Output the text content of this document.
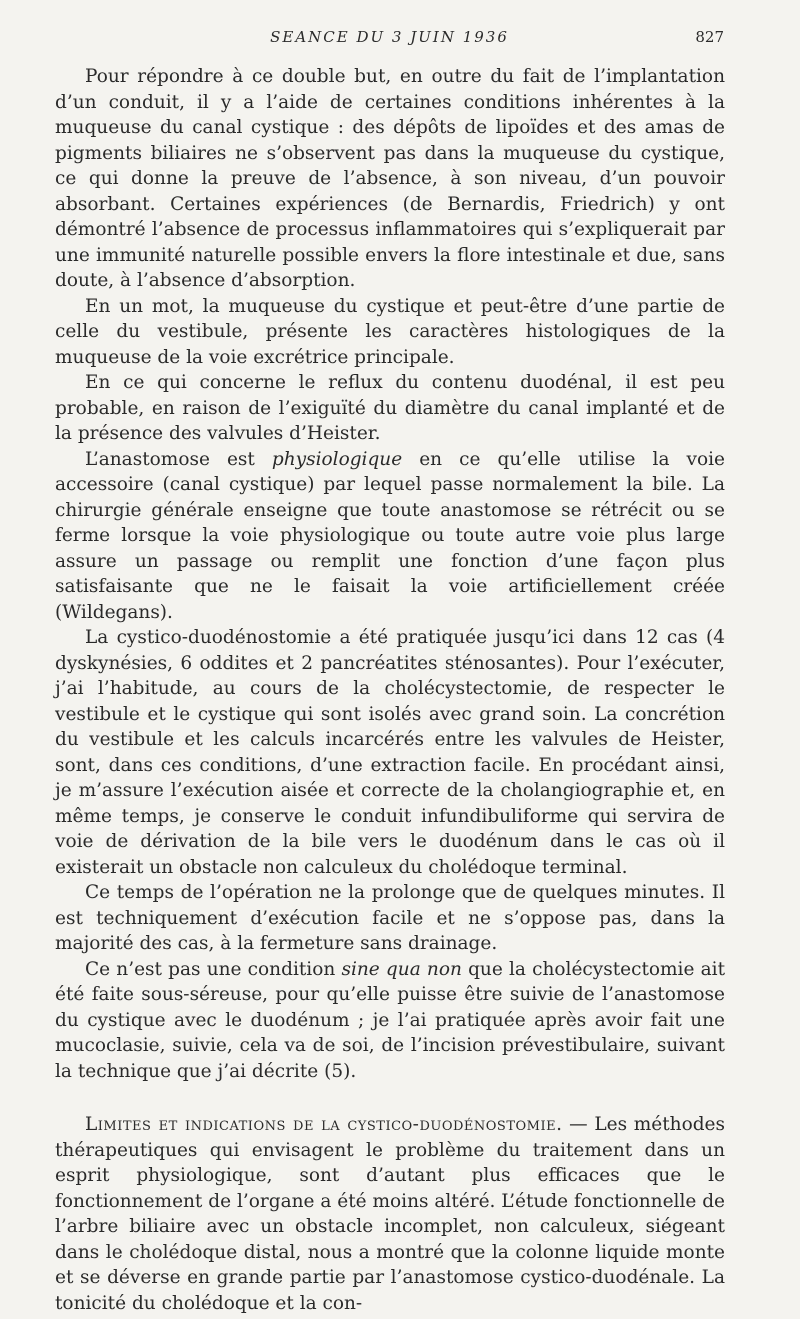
SEANCE DU 3 JUIN 1936	827

Pour répondre à ce double but, en outre du fait de l’implantation d’un conduit, il y a l’aide de certaines conditions inhérentes à la muqueuse du canal cystique : des dépôts de lipoïdes et des amas de pigments biliaires ne s’observent pas dans la muqueuse du cystique, ce qui donne la preuve de l’absence, à son niveau, d’un pouvoir absorbant. Certaines expériences (de Bernardis, Friedrich) y ont démontré l’absence de processus inflammatoires qui s’expliquerait par une immunité naturelle possible envers la flore intestinale et due, sans doute, à l’absence d’absorption.

En un mot, la muqueuse du cystique et peut-être d’une partie de celle du vestibule, présente les caractères histologiques de la muqueuse de la voie excrétrice principale.

En ce qui concerne le reflux du contenu duodénal, il est peu probable, en raison de l’exiguïté du diamètre du canal implanté et de la présence des valvules d’Heister.

L’anastomose est physiologique en ce qu’elle utilise la voie accessoire (canal cystique) par lequel passe normalement la bile. La chirurgie générale enseigne que toute anastomose se rétrécit ou se ferme lorsque la voie physiologique ou toute autre voie plus large assure un passage ou remplit une fonction d’une façon plus satisfaisante que ne le faisait la voie artificiellement créée (Wildegans).

La cystico-duodénostomie a été pratiquée jusqu’ici dans 12 cas (4 dyskynésies, 6 oddites et 2 pancréatites sténosantes). Pour l’exécuter, j’ai l’habitude, au cours de la cholécystectomie, de respecter le vestibule et le cystique qui sont isolés avec grand soin. La concrétion du vestibule et les calculs incarcérés entre les valvules de Heister, sont, dans ces conditions, d’une extraction facile. En procédant ainsi, je m’assure l’exécution aisée et correcte de la cholangiographie et, en même temps, je conserve le conduit infundibuliforme qui servira de voie de dérivation de la bile vers le duodénum dans le cas où il existerait un obstacle non calculeux du cholédoque terminal.

Ce temps de l’opération ne la prolonge que de quelques minutes. Il est techniquement d’exécution facile et ne s’oppose pas, dans la majorité des cas, à la fermeture sans drainage.

Ce n’est pas une condition sine qua non que la cholécystectomie ait été faite sous-séreuse, pour qu’elle puisse être suivie de l’anastomose du cystique avec le duodénum ; je l’ai pratiquée après avoir fait une mucoclasie, suivie, cela va de soi, de l’incision prévestibulaire, suivant la technique que j’ai décrite (5).

Limites et indications de la cystico-duodénostomie. — Les méthodes thérapeutiques qui envisagent le problème du traitement dans un esprit physiologique, sont d’autant plus efficaces que le fonctionnement de l’organe a été moins altéré. L’étude fonctionnelle de l’arbre biliaire avec un obstacle incomplet, non calculeux, siégeant dans le cholédoque distal, nous a montré que la colonne liquide monte et se déverse en grande partie par l’anastomose cystico-duodénale. La tonicité du cholédoque et la con-
